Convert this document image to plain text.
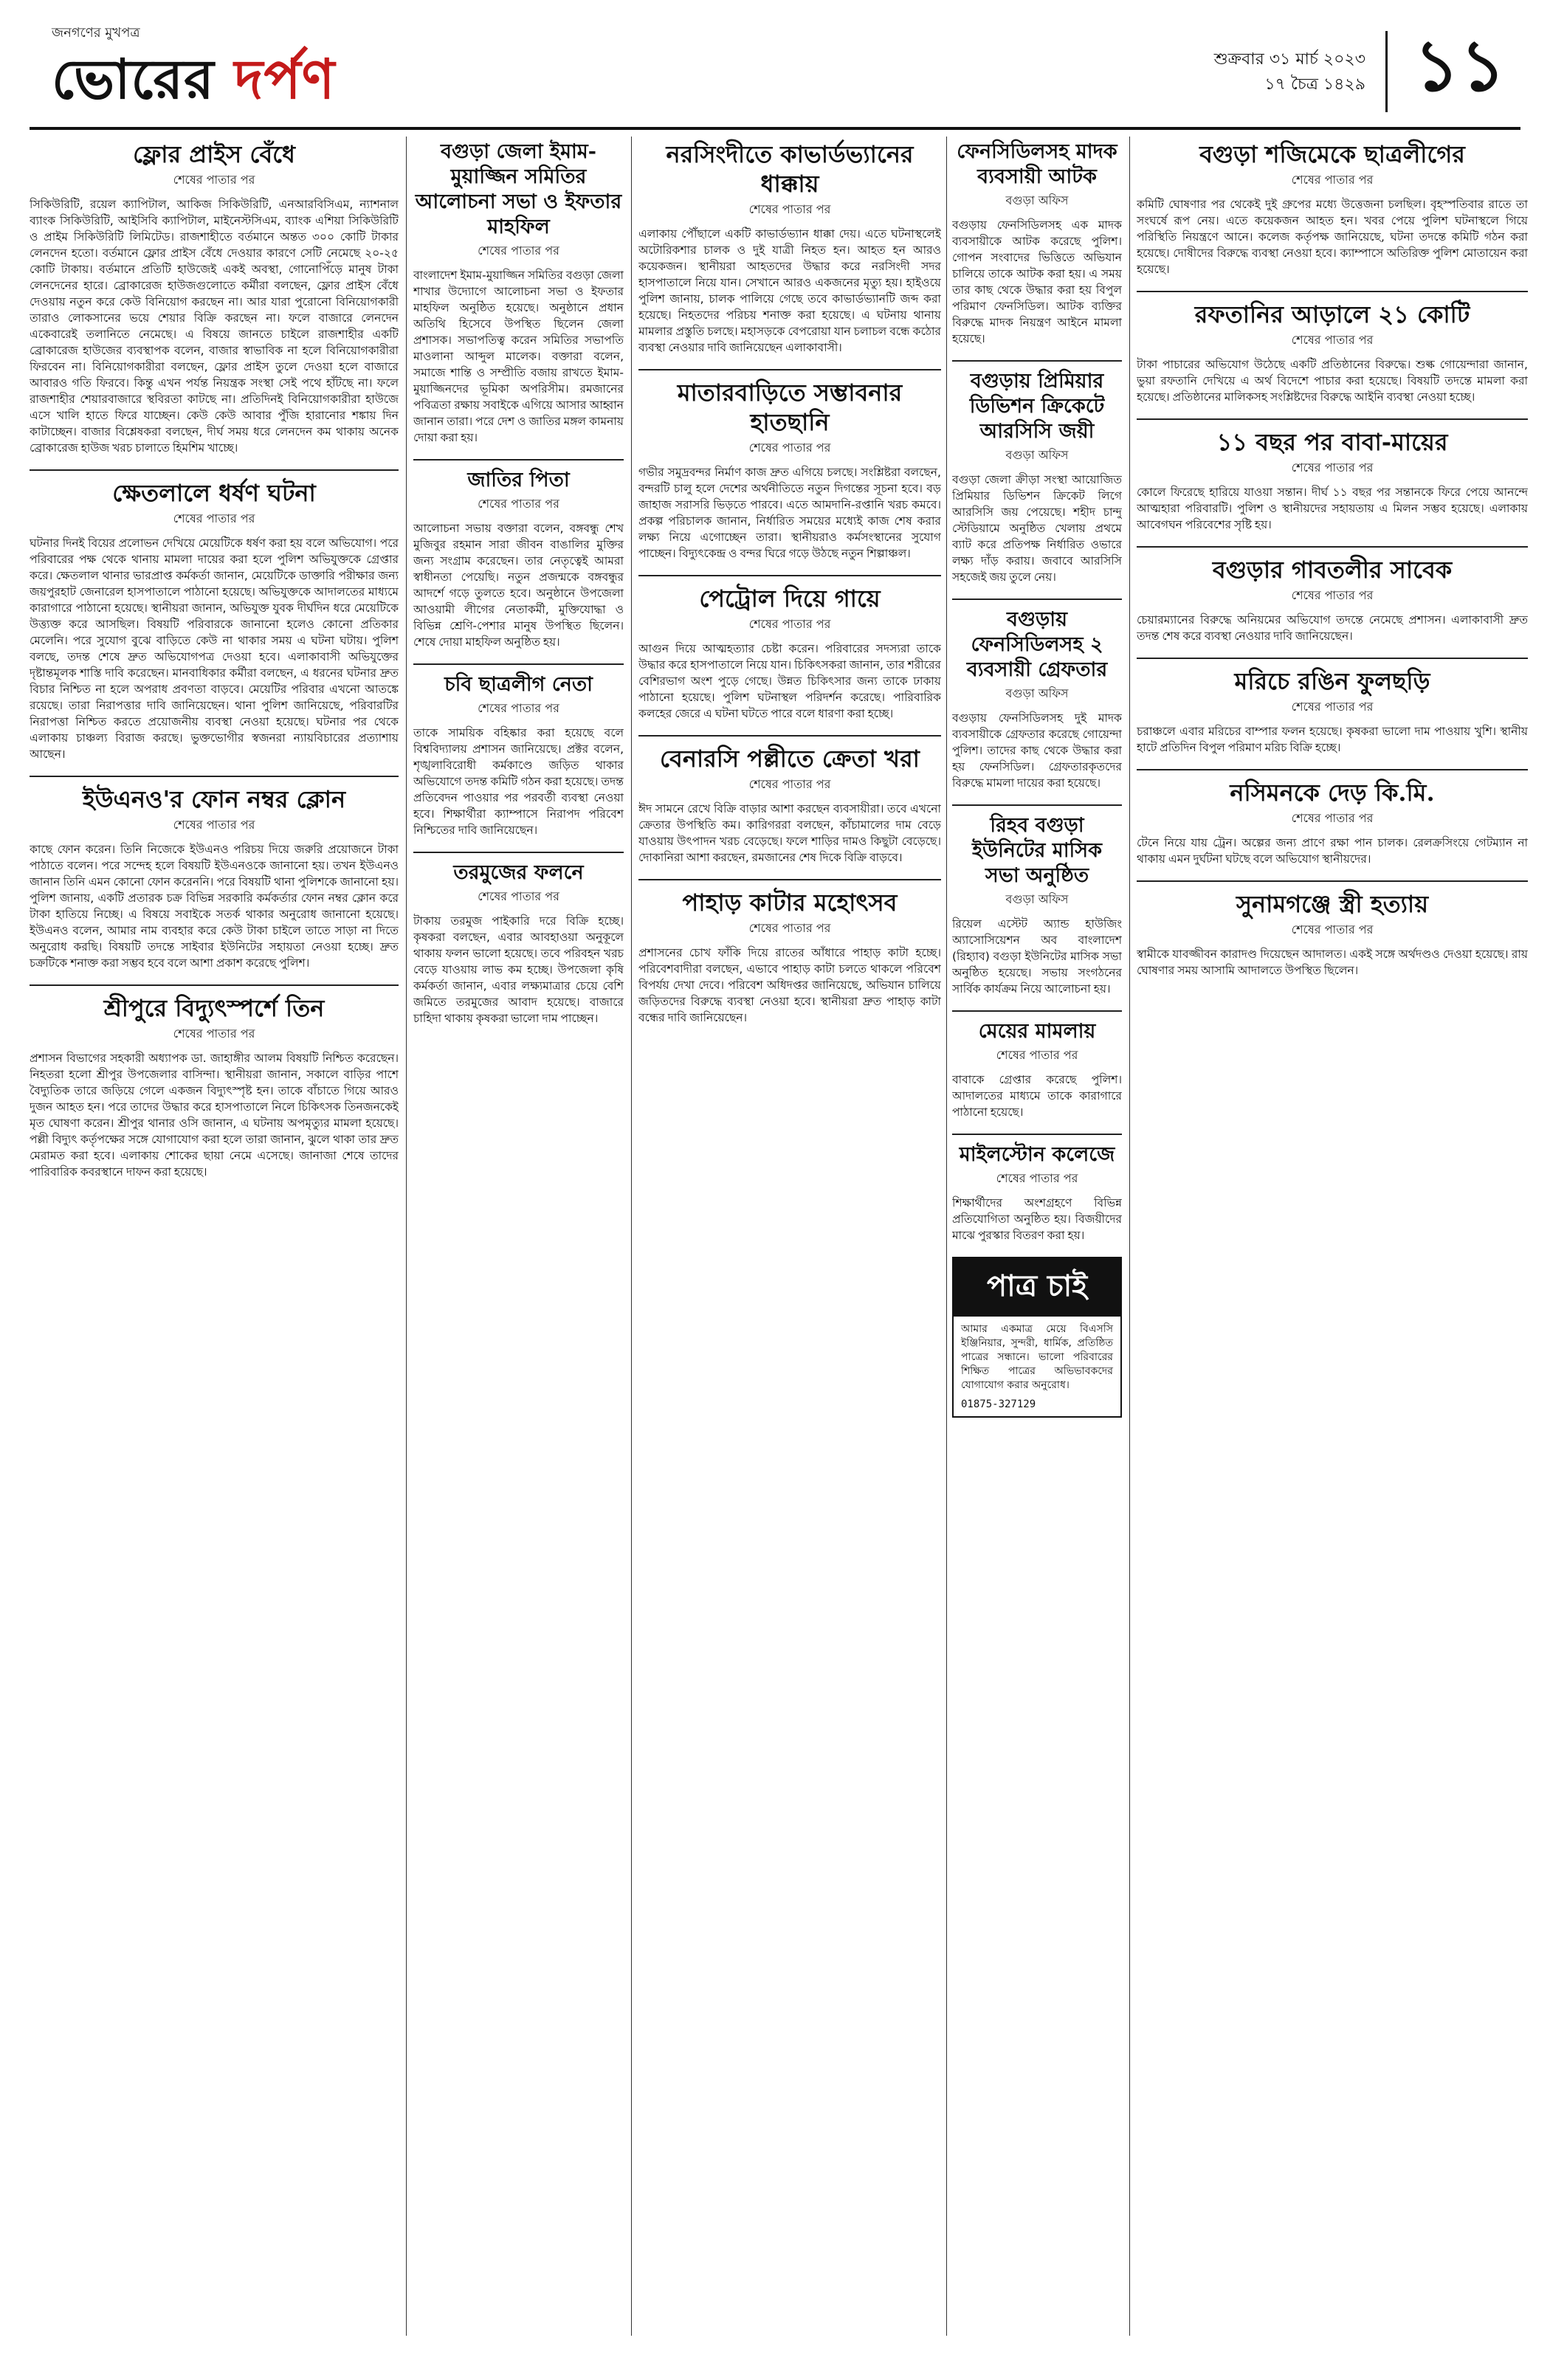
জনগণের মুখপত্র
ভোরের দর্পণ	শুক্রবার ৩১ মার্চ ২০২৩
১৭ চৈত্র ১৪২৯ ১১
ফ্লোর প্রাইস বেঁধে
শেষের পাতার পর
সিকিউরিটি, রয়েল ক্যাপিটাল, আকিজ সিকিউরিটি, এনআরবিসিএম, ন্যাশনাল ব্যাংক সিকিউরিটি, আইসিবি ক্যাপিটাল, মাইনেস্টসিএম, ব্যাংক এশিয়া সিকিউরিটি ও প্রাইম সিকিউরিটি লিমিটেড। রাজশাহীতে বর্তমানে অন্তত ৩০০ কোটি টাকার লেনদেন হতো। বর্তমানে ফ্লোর প্রাইস বেঁধে দেওয়ার কারণে সেটি নেমেছে ২০-২৫ কোটি টাকায়। বর্তমানে প্রতিটি হাউজেই একই অবস্থা, গোনোপিঁড়ে মানুষ টাকা লেনদেনের হারে। ব্রোকারেজ হাউজগুলোতে কর্মীরা বলছেন, ফ্লোর প্রাইস বেঁধে দেওয়ায় নতুন করে কেউ বিনিয়োগ করছেন না। আর যারা পুরোনো বিনিয়োগকারী তারাও লোকসানের ভয়ে শেয়ার বিক্রি করছেন না। ফলে বাজারে লেনদেন একেবারেই তলানিতে নেমেছে। এ বিষয়ে জানতে চাইলে রাজশাহীর একটি ব্রোকারেজ হাউজের ব্যবস্থাপক বলেন, বাজার স্বাভাবিক না হলে বিনিয়োগকারীরা ফিরবেন না। বিনিয়োগকারীরা বলছেন, ফ্লোর প্রাইস তুলে দেওয়া হলে বাজারে আবারও গতি ফিরবে। কিন্তু এখন পর্যন্ত নিয়ন্ত্রক সংস্থা সেই পথে হাঁটছে না। ফলে রাজশাহীর শেয়ারবাজারে স্থবিরতা কাটছে না। প্রতিদিনই বিনিয়োগকারীরা হাউজে এসে খালি হাতে ফিরে যাচ্ছেন। কেউ কেউ আবার পুঁজি হারানোর শঙ্কায় দিন কাটাচ্ছেন। বাজার বিশ্লেষকরা বলছেন, দীর্ঘ সময় ধরে লেনদেন কম থাকায় অনেক ব্রোকারেজ হাউজ খরচ চালাতে হিমশিম খাচ্ছে।
ক্ষেতলালে ধর্ষণ ঘটনা
শেষের পাতার পর
ঘটনার দিনই বিয়ের প্রলোভন দেখিয়ে মেয়েটিকে ধর্ষণ করা হয় বলে অভিযোগ। পরে পরিবারের পক্ষ থেকে থানায় মামলা দায়ের করা হলে পুলিশ অভিযুক্তকে গ্রেপ্তার করে। ক্ষেতলাল থানার ভারপ্রাপ্ত কর্মকর্তা জানান, মেয়েটিকে ডাক্তারি পরীক্ষার জন্য জয়পুরহাট জেনারেল হাসপাতালে পাঠানো হয়েছে। অভিযুক্তকে আদালতের মাধ্যমে কারাগারে পাঠানো হয়েছে। স্থানীয়রা জানান, অভিযুক্ত যুবক দীর্ঘদিন ধরে মেয়েটিকে উত্ত্যক্ত করে আসছিল। বিষয়টি পরিবারকে জানানো হলেও কোনো প্রতিকার মেলেনি। পরে সুযোগ বুঝে বাড়িতে কেউ না থাকার সময় এ ঘটনা ঘটায়। পুলিশ বলছে, তদন্ত শেষে দ্রুত অভিযোগপত্র দেওয়া হবে। এলাকাবাসী অভিযুক্তের দৃষ্টান্তমূলক শাস্তি দাবি করেছেন। মানবাধিকার কর্মীরা বলছেন, এ ধরনের ঘটনার দ্রুত বিচার নিশ্চিত না হলে অপরাধ প্রবণতা বাড়বে। মেয়েটির পরিবার এখনো আতঙ্কে রয়েছে। তারা নিরাপত্তার দাবি জানিয়েছেন। থানা পুলিশ জানিয়েছে, পরিবারটির নিরাপত্তা নিশ্চিত করতে প্রয়োজনীয় ব্যবস্থা নেওয়া হয়েছে। ঘটনার পর থেকে এলাকায় চাঞ্চল্য বিরাজ করছে। ভুক্তভোগীর স্বজনরা ন্যায়বিচারের প্রত্যাশায় আছেন।
ইউএনও'র ফোন নম্বর ক্লোন
শেষের পাতার পর
কাছে ফোন করেন। তিনি নিজেকে ইউএনও পরিচয় দিয়ে জরুরি প্রয়োজনে টাকা পাঠাতে বলেন। পরে সন্দেহ হলে বিষয়টি ইউএনওকে জানানো হয়। তখন ইউএনও জানান তিনি এমন কোনো ফোন করেননি। পরে বিষয়টি থানা পুলিশকে জানানো হয়। পুলিশ জানায়, একটি প্রতারক চক্র বিভিন্ন সরকারি কর্মকর্তার ফোন নম্বর ক্লোন করে টাকা হাতিয়ে নিচ্ছে। এ বিষয়ে সবাইকে সতর্ক থাকার অনুরোধ জানানো হয়েছে। ইউএনও বলেন, আমার নাম ব্যবহার করে কেউ টাকা চাইলে তাতে সাড়া না দিতে অনুরোধ করছি। বিষয়টি তদন্তে সাইবার ইউনিটের সহায়তা নেওয়া হচ্ছে। দ্রুত চক্রটিকে শনাক্ত করা সম্ভব হবে বলে আশা প্রকাশ করেছে পুলিশ।
শ্রীপুরে বিদ্যুৎস্পর্শে তিন
শেষের পাতার পর
প্রশাসন বিভাগের সহকারী অধ্যাপক ডা. জাহাঙ্গীর আলম বিষয়টি নিশ্চিত করেছেন। নিহতরা হলো শ্রীপুর উপজেলার বাসিন্দা। স্থানীয়রা জানান, সকালে বাড়ির পাশে বৈদ্যুতিক তারে জড়িয়ে গেলে একজন বিদ্যুৎস্পৃষ্ট হন। তাকে বাঁচাতে গিয়ে আরও দুজন আহত হন। পরে তাদের উদ্ধার করে হাসপাতালে নিলে চিকিৎসক তিনজনকেই মৃত ঘোষণা করেন। শ্রীপুর থানার ওসি জানান, এ ঘটনায় অপমৃত্যুর মামলা হয়েছে। পল্লী বিদ্যুৎ কর্তৃপক্ষের সঙ্গে যোগাযোগ করা হলে তারা জানান, ঝুলে থাকা তার দ্রুত মেরামত করা হবে। এলাকায় শোকের ছায়া নেমে এসেছে। জানাজা শেষে তাদের পারিবারিক কবরস্থানে দাফন করা হয়েছে।
বগুড়া জেলা ইমাম-মুয়াজ্জিন সমিতির আলোচনা সভা ও ইফতার মাহফিল
শেষের পাতার পর
বাংলাদেশ ইমাম-মুয়াজ্জিন সমিতির বগুড়া জেলা শাখার উদ্যোগে আলোচনা সভা ও ইফতার মাহফিল অনুষ্ঠিত হয়েছে। অনুষ্ঠানে প্রধান অতিথি হিসেবে উপস্থিত ছিলেন জেলা প্রশাসক। সভাপতিত্ব করেন সমিতির সভাপতি মাওলানা আব্দুল মালেক। বক্তারা বলেন, সমাজে শান্তি ও সম্প্রীতি বজায় রাখতে ইমাম-মুয়াজ্জিনদের ভূমিকা অপরিসীম। রমজানের পবিত্রতা রক্ষায় সবাইকে এগিয়ে আসার আহ্বান জানান তারা। পরে দেশ ও জাতির মঙ্গল কামনায় দোয়া করা হয়।
জাতির পিতা
শেষের পাতার পর
আলোচনা সভায় বক্তারা বলেন, বঙ্গবন্ধু শেখ মুজিবুর রহমান সারা জীবন বাঙালির মুক্তির জন্য সংগ্রাম করেছেন। তার নেতৃত্বেই আমরা স্বাধীনতা পেয়েছি। নতুন প্রজন্মকে বঙ্গবন্ধুর আদর্শে গড়ে তুলতে হবে। অনুষ্ঠানে উপজেলা আওয়ামী লীগের নেতাকর্মী, মুক্তিযোদ্ধা ও বিভিন্ন শ্রেণি-পেশার মানুষ উপস্থিত ছিলেন। শেষে দোয়া মাহফিল অনুষ্ঠিত হয়।
চবি ছাত্রলীগ নেতা
শেষের পাতার পর
তাকে সাময়িক বহিষ্কার করা হয়েছে বলে বিশ্ববিদ্যালয় প্রশাসন জানিয়েছে। প্রক্টর বলেন, শৃঙ্খলাবিরোধী কর্মকাণ্ডে জড়িত থাকার অভিযোগে তদন্ত কমিটি গঠন করা হয়েছে। তদন্ত প্রতিবেদন পাওয়ার পর পরবর্তী ব্যবস্থা নেওয়া হবে। শিক্ষার্থীরা ক্যাম্পাসে নিরাপদ পরিবেশ নিশ্চিতের দাবি জানিয়েছেন।
তরমুজের ফলনে
শেষের পাতার পর
টাকায় তরমুজ পাইকারি দরে বিক্রি হচ্ছে। কৃষকরা বলছেন, এবার আবহাওয়া অনুকূলে থাকায় ফলন ভালো হয়েছে। তবে পরিবহন খরচ বেড়ে যাওয়ায় লাভ কম হচ্ছে। উপজেলা কৃষি কর্মকর্তা জানান, এবার লক্ষ্যমাত্রার চেয়ে বেশি জমিতে তরমুজের আবাদ হয়েছে। বাজারে চাহিদা থাকায় কৃষকরা ভালো দাম পাচ্ছেন।
নরসিংদীতে কাভার্ডভ্যানের ধাক্কায়
শেষের পাতার পর
এলাকায় পৌঁছালে একটি কাভার্ডভ্যান ধাক্কা দেয়। এতে ঘটনাস্থলেই অটোরিকশার চালক ও দুই যাত্রী নিহত হন। আহত হন আরও কয়েকজন। স্থানীয়রা আহতদের উদ্ধার করে নরসিংদী সদর হাসপাতালে নিয়ে যান। সেখানে আরও একজনের মৃত্যু হয়। হাইওয়ে পুলিশ জানায়, চালক পালিয়ে গেছে তবে কাভার্ডভ্যানটি জব্দ করা হয়েছে। নিহতদের পরিচয় শনাক্ত করা হয়েছে। এ ঘটনায় থানায় মামলার প্রস্তুতি চলছে। মহাসড়কে বেপরোয়া যান চলাচল বন্ধে কঠোর ব্যবস্থা নেওয়ার দাবি জানিয়েছেন এলাকাবাসী।
মাতারবাড়িতে সম্ভাবনার হাতছানি
শেষের পাতার পর
গভীর সমুদ্রবন্দর নির্মাণ কাজ দ্রুত এগিয়ে চলছে। সংশ্লিষ্টরা বলছেন, বন্দরটি চালু হলে দেশের অর্থনীতিতে নতুন দিগন্তের সূচনা হবে। বড় জাহাজ সরাসরি ভিড়তে পারবে। এতে আমদানি-রপ্তানি খরচ কমবে। প্রকল্প পরিচালক জানান, নির্ধারিত সময়ের মধ্যেই কাজ শেষ করার লক্ষ্য নিয়ে এগোচ্ছেন তারা। স্থানীয়রাও কর্মসংস্থানের সুযোগ পাচ্ছেন। বিদ্যুৎকেন্দ্র ও বন্দর ঘিরে গড়ে উঠছে নতুন শিল্পাঞ্চল।
পেট্রোল দিয়ে গায়ে
শেষের পাতার পর
আগুন দিয়ে আত্মহত্যার চেষ্টা করেন। পরিবারের সদস্যরা তাকে উদ্ধার করে হাসপাতালে নিয়ে যান। চিকিৎসকরা জানান, তার শরীরের বেশিরভাগ অংশ পুড়ে গেছে। উন্নত চিকিৎসার জন্য তাকে ঢাকায় পাঠানো হয়েছে। পুলিশ ঘটনাস্থল পরিদর্শন করেছে। পারিবারিক কলহের জেরে এ ঘটনা ঘটতে পারে বলে ধারণা করা হচ্ছে।
বেনারসি পল্লীতে ক্রেতা খরা
শেষের পাতার পর
ঈদ সামনে রেখে বিক্রি বাড়ার আশা করছেন ব্যবসায়ীরা। তবে এখনো ক্রেতার উপস্থিতি কম। কারিগররা বলছেন, কাঁচামালের দাম বেড়ে যাওয়ায় উৎপাদন খরচ বেড়েছে। ফলে শাড়ির দামও কিছুটা বেড়েছে। দোকানিরা আশা করছেন, রমজানের শেষ দিকে বিক্রি বাড়বে।
পাহাড় কাটার মহোৎসব
শেষের পাতার পর
প্রশাসনের চোখ ফাঁকি দিয়ে রাতের আঁধারে পাহাড় কাটা হচ্ছে। পরিবেশবাদীরা বলছেন, এভাবে পাহাড় কাটা চলতে থাকলে পরিবেশ বিপর্যয় দেখা দেবে। পরিবেশ অধিদপ্তর জানিয়েছে, অভিযান চালিয়ে জড়িতদের বিরুদ্ধে ব্যবস্থা নেওয়া হবে। স্থানীয়রা দ্রুত পাহাড় কাটা বন্ধের দাবি জানিয়েছেন।
ফেনসিডিলসহ মাদক ব্যবসায়ী আটক
বগুড়া অফিস
বগুড়ায় ফেনসিডিলসহ এক মাদক ব্যবসায়ীকে আটক করেছে পুলিশ। গোপন সংবাদের ভিত্তিতে অভিযান চালিয়ে তাকে আটক করা হয়। এ সময় তার কাছ থেকে উদ্ধার করা হয় বিপুল পরিমাণ ফেনসিডিল। আটক ব্যক্তির বিরুদ্ধে মাদক নিয়ন্ত্রণ আইনে মামলা হয়েছে।
বগুড়ায় প্রিমিয়ার ডিভিশন ক্রিকেটে আরসিসি জয়ী
বগুড়া অফিস
বগুড়া জেলা ক্রীড়া সংস্থা আয়োজিত প্রিমিয়ার ডিভিশন ক্রিকেট লিগে আরসিসি জয় পেয়েছে। শহীদ চান্দু স্টেডিয়ামে অনুষ্ঠিত খেলায় প্রথমে ব্যাট করে প্রতিপক্ষ নির্ধারিত ওভারে লক্ষ্য দাঁড় করায়। জবাবে আরসিসি সহজেই জয় তুলে নেয়।
বগুড়ায় ফেনসিডিলসহ ২ ব্যবসায়ী গ্রেফতার
বগুড়া অফিস
বগুড়ায় ফেনসিডিলসহ দুই মাদক ব্যবসায়ীকে গ্রেফতার করেছে গোয়েন্দা পুলিশ। তাদের কাছ থেকে উদ্ধার করা হয় ফেনসিডিল। গ্রেফতারকৃতদের বিরুদ্ধে মামলা দায়ের করা হয়েছে।
রিহব বগুড়া ইউনিটের মাসিক সভা অনুষ্ঠিত
বগুড়া অফিস
রিয়েল এস্টেট অ্যান্ড হাউজিং অ্যাসোসিয়েশন অব বাংলাদেশ (রিহ্যাব) বগুড়া ইউনিটের মাসিক সভা অনুষ্ঠিত হয়েছে। সভায় সংগঠনের সার্বিক কার্যক্রম নিয়ে আলোচনা হয়।
মেয়ের মামলায়
শেষের পাতার পর
বাবাকে গ্রেপ্তার করেছে পুলিশ। আদালতের মাধ্যমে তাকে কারাগারে পাঠানো হয়েছে।
মাইলস্টোন কলেজে
শেষের পাতার পর
শিক্ষার্থীদের অংশগ্রহণে বিভিন্ন প্রতিযোগিতা অনুষ্ঠিত হয়। বিজয়ীদের মাঝে পুরস্কার বিতরণ করা হয়।
পাত্র চাই
আমার একমাত্র মেয়ে বিএসসি ইঞ্জিনিয়ার, সুন্দরী, ধার্মিক, প্রতিষ্ঠিত পাত্রের সন্ধানে। ভালো পরিবারের শিক্ষিত পাত্রের অভিভাবকদের যোগাযোগ করার অনুরোধ।
01875-327129
বগুড়া শজিমেকে ছাত্রলীগের
শেষের পাতার পর
কমিটি ঘোষণার পর থেকেই দুই গ্রুপের মধ্যে উত্তেজনা চলছিল। বৃহস্পতিবার রাতে তা সংঘর্ষে রূপ নেয়। এতে কয়েকজন আহত হন। খবর পেয়ে পুলিশ ঘটনাস্থলে গিয়ে পরিস্থিতি নিয়ন্ত্রণে আনে। কলেজ কর্তৃপক্ষ জানিয়েছে, ঘটনা তদন্তে কমিটি গঠন করা হয়েছে। দোষীদের বিরুদ্ধে ব্যবস্থা নেওয়া হবে। ক্যাম্পাসে অতিরিক্ত পুলিশ মোতায়েন করা হয়েছে।
রফতানির আড়ালে ২১ কোটি
শেষের পাতার পর
টাকা পাচারের অভিযোগ উঠেছে একটি প্রতিষ্ঠানের বিরুদ্ধে। শুল্ক গোয়েন্দারা জানান, ভুয়া রফতানি দেখিয়ে এ অর্থ বিদেশে পাচার করা হয়েছে। বিষয়টি তদন্তে মামলা করা হয়েছে। প্রতিষ্ঠানের মালিকসহ সংশ্লিষ্টদের বিরুদ্ধে আইনি ব্যবস্থা নেওয়া হচ্ছে।
১১ বছর পর বাবা-মায়ের
শেষের পাতার পর
কোলে ফিরেছে হারিয়ে যাওয়া সন্তান। দীর্ঘ ১১ বছর পর সন্তানকে ফিরে পেয়ে আনন্দে আত্মহারা পরিবারটি। পুলিশ ও স্থানীয়দের সহায়তায় এ মিলন সম্ভব হয়েছে। এলাকায় আবেগঘন পরিবেশের সৃষ্টি হয়।
বগুড়ার গাবতলীর সাবেক
শেষের পাতার পর
চেয়ারম্যানের বিরুদ্ধে অনিয়মের অভিযোগ তদন্তে নেমেছে প্রশাসন। এলাকাবাসী দ্রুত তদন্ত শেষ করে ব্যবস্থা নেওয়ার দাবি জানিয়েছেন।
মরিচে রঙিন ফুলছড়ি
শেষের পাতার পর
চরাঞ্চলে এবার মরিচের বাম্পার ফলন হয়েছে। কৃষকরা ভালো দাম পাওয়ায় খুশি। স্থানীয় হাটে প্রতিদিন বিপুল পরিমাণ মরিচ বিক্রি হচ্ছে।
নসিমনকে দেড় কি.মি.
শেষের পাতার পর
টেনে নিয়ে যায় ট্রেন। অল্পের জন্য প্রাণে রক্ষা পান চালক। রেলক্রসিংয়ে গেটম্যান না থাকায় এমন দুর্ঘটনা ঘটছে বলে অভিযোগ স্থানীয়দের।
সুনামগঞ্জে স্ত্রী হত্যায়
শেষের পাতার পর
স্বামীকে যাবজ্জীবন কারাদণ্ড দিয়েছেন আদালত। একই সঙ্গে অর্থদণ্ডও দেওয়া হয়েছে। রায় ঘোষণার সময় আসামি আদালতে উপস্থিত ছিলেন।
